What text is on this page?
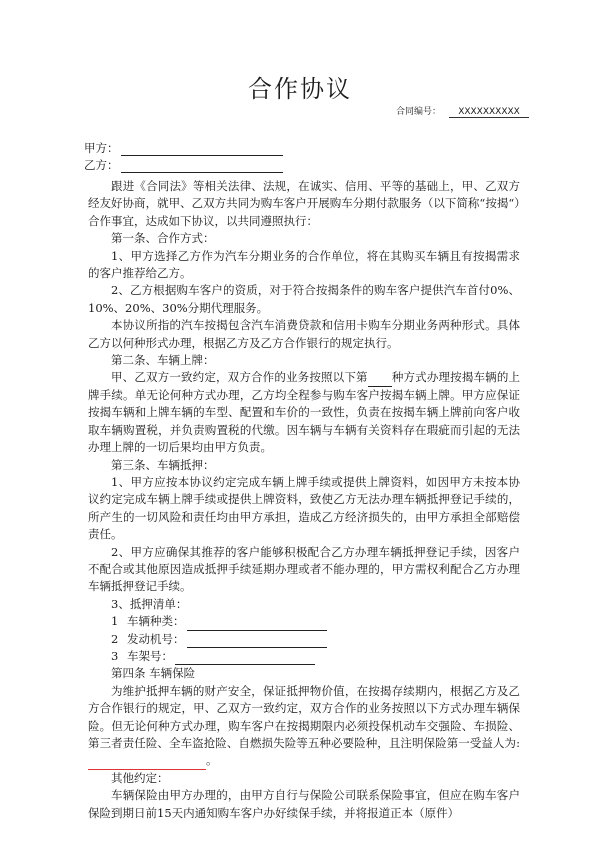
合作协议
合同编号： XXXXXXXXXX
甲方：
乙方：

跟进《合同法》等相关法律、法规，在诚实、信用、平等的基础上，甲、乙双方经友好协商，就甲、乙双方共同为购车客户开展购车分期付款服务（以下简称“按揭“）合作事宜，达成如下协议，以共同遵照执行：

第一条、合作方式：

1、甲方选择乙方作为汽车分期业务的合作单位，将在其购买车辆且有按揭需求的客户推荐给乙方。

2、乙方根据购车客户的资质，对于符合按揭条件的购车客户提供汽车首付0%、10%、20%、30%分期代理服务。

本协议所指的汽车按揭包含汽车消费贷款和信用卡购车分期业务两种形式。具体乙方以何种形式办理，根据乙方及乙方合作银行的规定执行。

第二条、车辆上牌：

甲、乙双方一致约定，双方合作的业务按照以下第 种方式办理按揭车辆的上牌手续。单无论何种方式办理，乙方均全程参与购车客户按揭车辆上牌。甲方应保证按揭车辆和上牌车辆的车型、配置和车价的一致性，负责在按揭车辆上牌前向客户收取车辆购置税，并负责购置税的代缴。因车辆与车辆有关资料存在瑕疵而引起的无法办理上牌的一切后果均由甲方负责。

第三条、车辆抵押：

1、甲方应按本协议约定完成车辆上牌手续或提供上牌资料，如因甲方未按本协议约定完成车辆上牌手续或提供上牌资料，致使乙方无法办理车辆抵押登记手续的，所产生的一切风险和责任均由甲方承担，造成乙方经济损失的，由甲方承担全部赔偿责任。

2、甲方应确保其推荐的客户能够积极配合乙方办理车辆抵押登记手续，因客户不配合或其他原因造成抵押手续延期办理或者不能办理的，甲方需权利配合乙方办理车辆抵押登记手续。

3、抵押清单：

1 车辆种类：
2 发动机号：
3 车架号：

第四条 车辆保险

为维护抵押车辆的财产安全，保证抵押物价值，在按揭存续期内，根据乙方及乙方合作银行的规定，甲、乙双方一致约定，双方合作的业务按照以下方式办理车辆保险。但无论何种方式办理，购车客户在按揭期限内必须投保机动车交强险、车损险、第三者责任险、全车盗抢险、自燃损失险等五种必要险种，且注明保险第一受益人为:。

其他约定：

车辆保险由甲方办理的，由甲方自行与保险公司联系保险事宜，但应在购车客户保险到期日前15天内通知购车客户办好续保手续，并将报道正本（原件）
